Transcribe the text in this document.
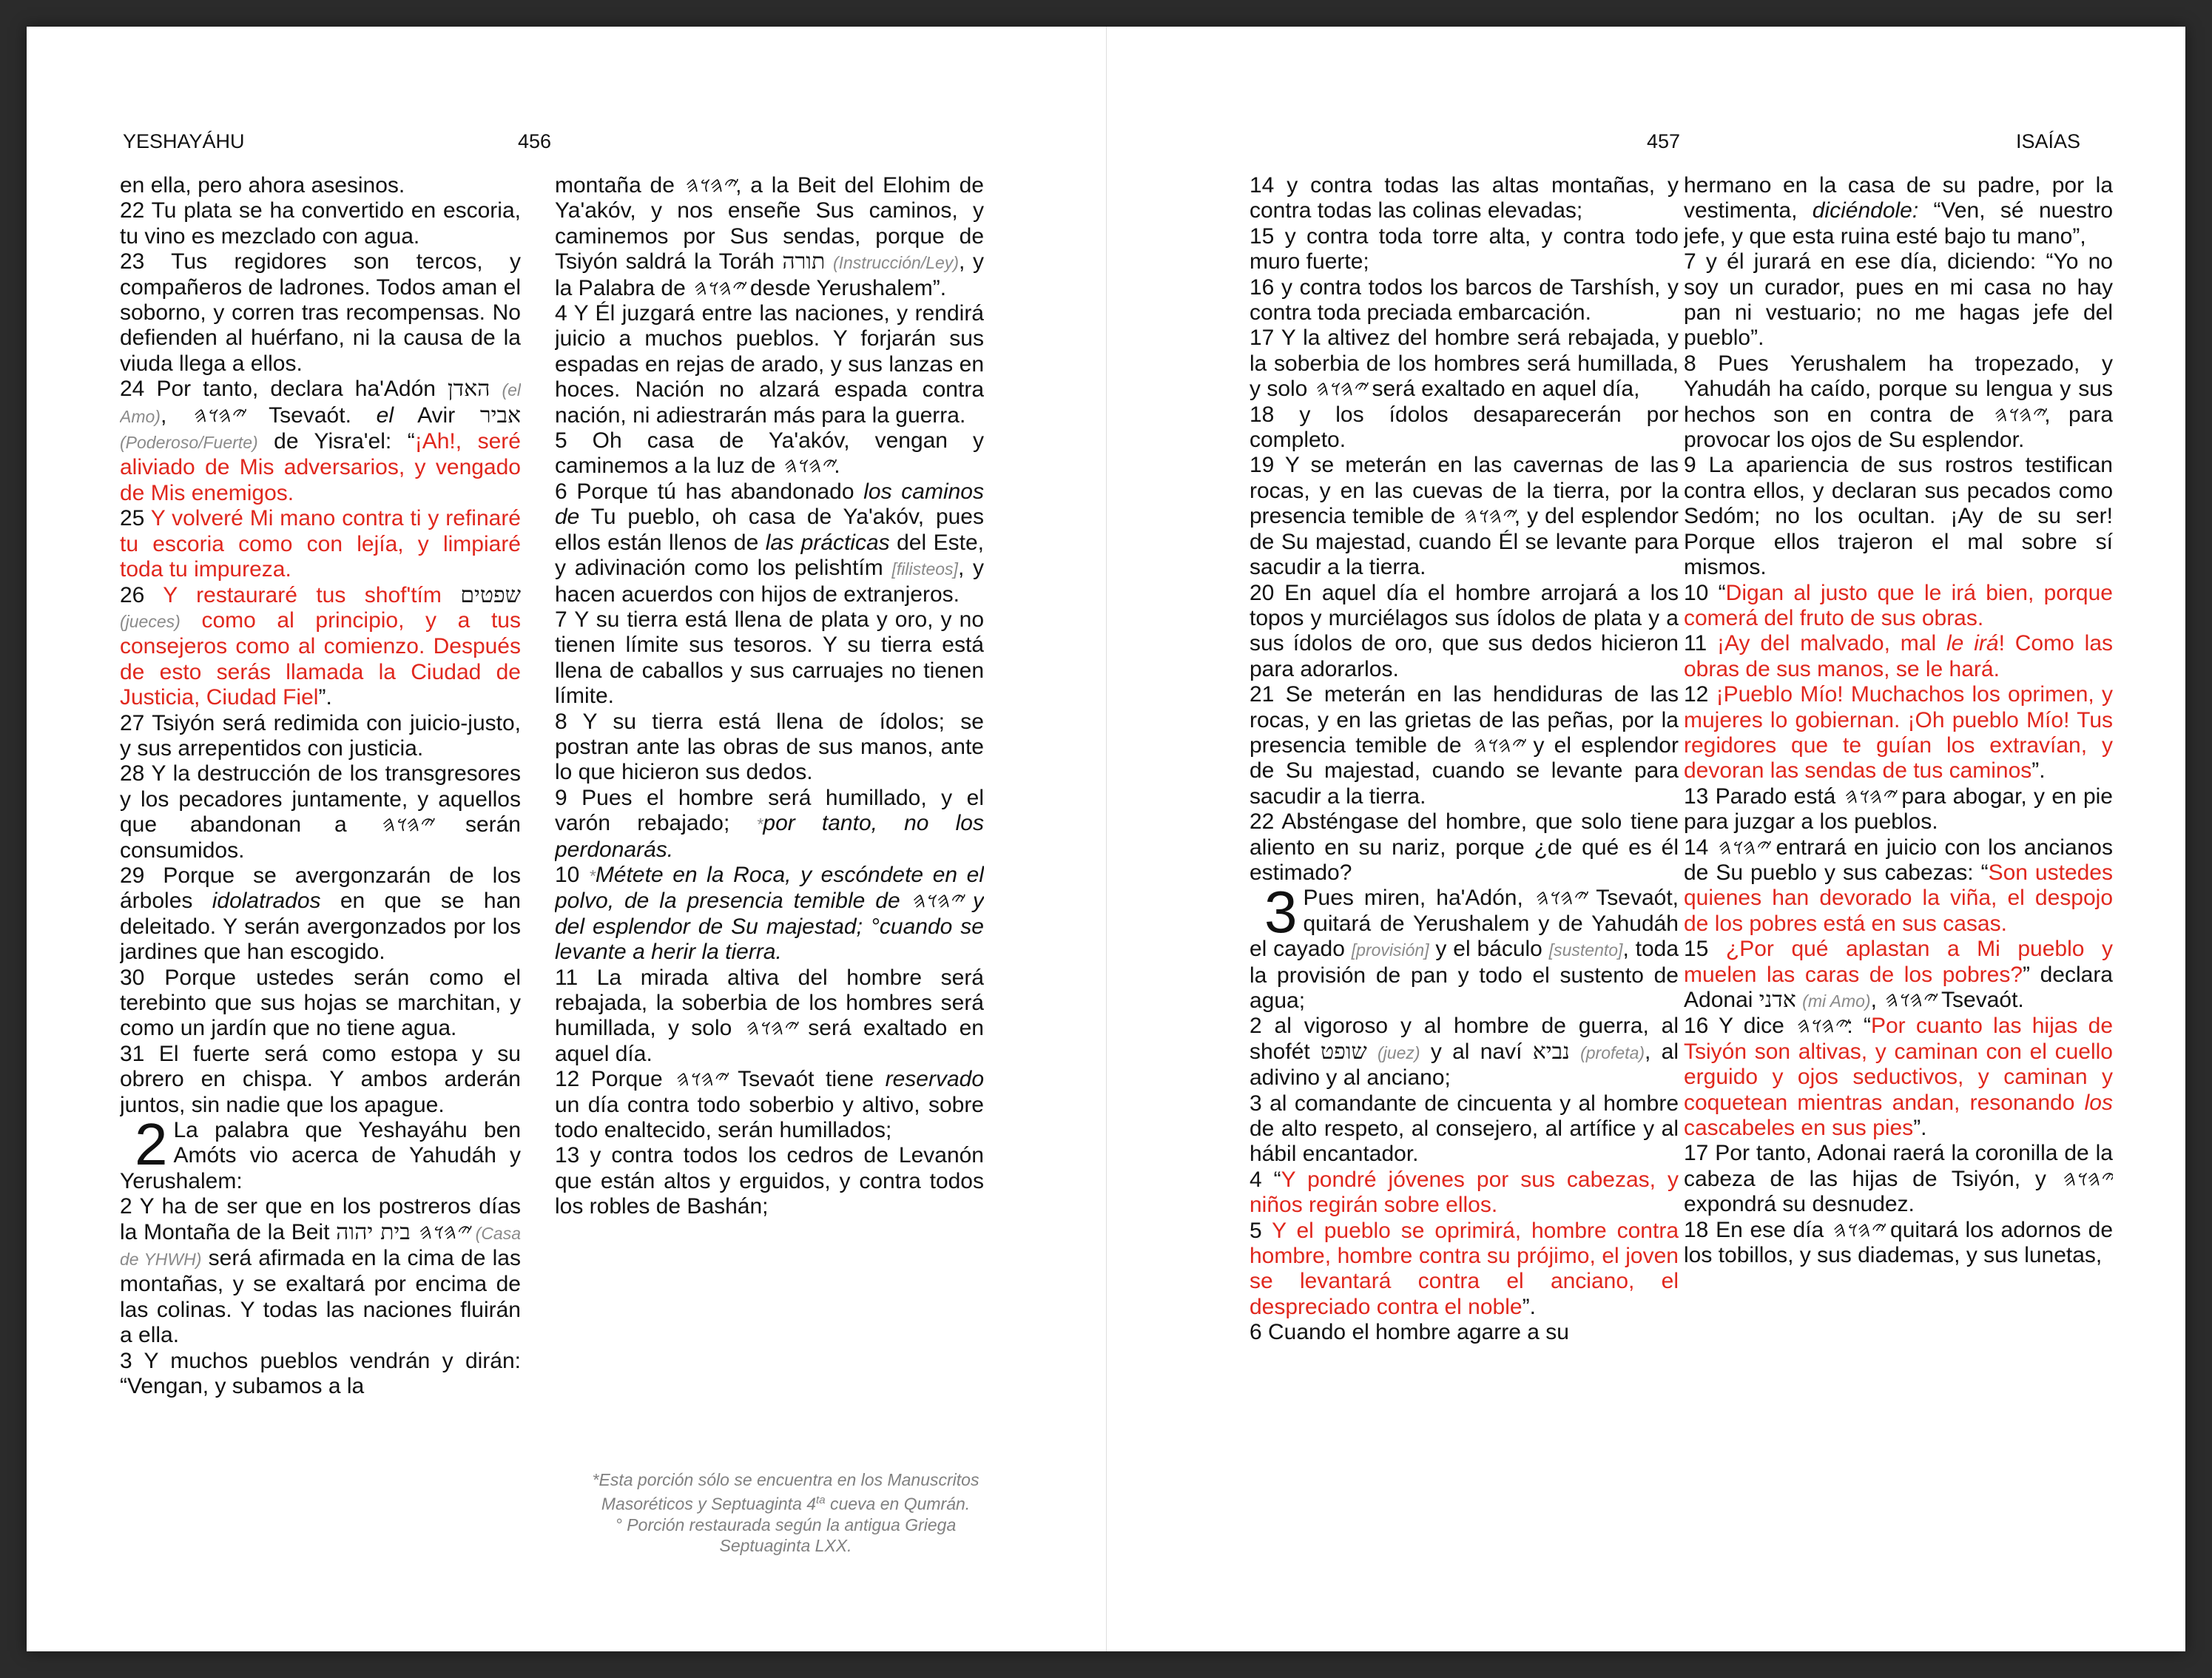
YESHAYÁHU	456	457	ISAÍAS

en ella, pero ahora asesinos.

22 Tu plata se ha convertido en escoria, tu vino es mezclado con agua.

23 Tus regidores son tercos, y compañeros de ladrones. Todos aman el soborno, y corren tras recompensas. No defienden al huérfano, ni la causa de la viuda llega a ellos.

24 Por tanto, declara ha'Adón האדן (el Amo), 𐤉𐤄𐤅𐤄 Tsevaót. el Avir אביר (Poderoso/Fuerte) de Yisra'el: “¡Ah!, seré aliviado de Mis adversarios, y vengado de Mis enemigos.

25 Y volveré Mi mano contra ti y refinaré tu escoria como con lejía, y limpiaré toda tu impureza.

26 Y restauraré tus shof'tím שפטים (jueces) como al principio, y a tus consejeros como al comienzo. Después de esto serás llamada la Ciudad de Justicia, Ciudad Fiel”.

27 Tsiyón será redimida con juicio-justo, y sus arrepentidos con justicia.

28 Y la destrucción de los transgresores y los pecadores juntamente, y aquellos que abandonan a 𐤉𐤄𐤅𐤄 serán consumidos.

29 Porque se avergonzarán de los árboles idolatrados en que se han deleitado. Y serán avergonzados por los jardines que han escogido.

30 Porque ustedes serán como el terebinto que sus hojas se marchitan, y como un jardín que no tiene agua.

31 El fuerte será como estopa y su obrero en chispa. Y ambos arderán juntos, sin nadie que los apague.

2 La palabra que Yeshayáhu ben Amóts vio acerca de Yahudáh y Yerushalem:

2 Y ha de ser que en los postreros días la Montaña de la Beit	𐤉𐤄𐤅𐤄 בית יהוה	(Casa de YHWH) será afirmada en la cima de las montañas, y se exaltará por encima de las colinas. Y todas las naciones fluirán a ella.

3 Y muchos pueblos vendrán y dirán: “Vengan, y subamos a la

montaña de 𐤉𐤄𐤅𐤄, a la Beit del Elohim de Ya'akóv, y nos enseñe Sus caminos, y caminemos por Sus sendas, porque de Tsiyón saldrá la Toráh תורה (Instrucción/Ley), y la Palabra de 𐤉𐤄𐤅𐤄 desde Yerushalem”.

4 Y Él juzgará entre las naciones, y rendirá juicio a muchos pueblos. Y forjarán sus espadas en rejas de arado, y sus lanzas en hoces. Nación no alzará espada contra nación, ni adiestrarán más para la guerra.

5 Oh casa de Ya'akóv, vengan y caminemos a la luz de 𐤉𐤄𐤅𐤄.

6 Porque tú has abandonado los caminos de Tu pueblo, oh casa de Ya'akóv, pues ellos están llenos de las prácticas del Este, y adivinación como los pelishtím [filisteos], y hacen acuerdos con hijos de extranjeros.

7 Y su tierra está llena de plata y oro, y no tienen límite sus tesoros. Y su tierra está llena de caballos y sus carruajes no tienen límite.

8 Y su tierra está llena de ídolos; se postran ante las obras de sus manos, ante lo que hicieron sus dedos.

9 Pues el hombre será humillado, y el varón rebajado; *por tanto, no los perdonarás.

10 *Métete en la Roca, y escóndete en el polvo, de la presencia temible de 𐤉𐤄𐤅𐤄 y del esplendor de Su majestad; °cuando se levante a herir la tierra.

11 La mirada altiva del hombre será rebajada, la soberbia de los hombres será humillada, y solo 𐤉𐤄𐤅𐤄 será exaltado en aquel día.

12 Porque 𐤉𐤄𐤅𐤄 Tsevaót tiene reservado un día contra todo soberbio y altivo, sobre todo enaltecido, serán humillados;

13 y contra todos los cedros de Levanón que están altos y erguidos, y contra todos los robles de Bashán;

14 y contra todas las altas montañas, y contra todas las colinas elevadas;

15 y contra toda torre alta, y contra todo muro fuerte;

16 y contra todos los barcos de Tarshísh, y contra toda preciada embarcación.

17 Y la altivez del hombre será rebajada, y la soberbia de los hombres será humillada, y solo 𐤉𐤄𐤅𐤄 será exaltado en aquel día,

18 y los ídolos desaparecerán por completo.

19 Y se meterán en las cavernas de las rocas, y en las cuevas de la tierra, por la presencia temible de 𐤉𐤄𐤅𐤄, y del esplendor de Su majestad, cuando Él se levante para sacudir a la tierra.

20 En aquel día el hombre arrojará a los topos y murciélagos sus ídolos de plata y a sus ídolos de oro, que sus dedos hicieron para adorarlos.

21 Se meterán en las hendiduras de las rocas, y en las grietas de las peñas, por la presencia temible de 𐤉𐤄𐤅𐤄 y el esplendor de Su majestad, cuando se levante para sacudir a la tierra.

22 Absténgase del hombre, que solo tiene aliento en su nariz, porque ¿de qué es él estimado?

3 Pues miren, ha'Adón, 𐤉𐤄𐤅𐤄 Tsevaót, quitará de Yerushalem y de Yahudáh el cayado [provisión] y el báculo [sustento], toda la provisión de pan y todo el sustento de agua;

2 al vigoroso y al hombre de guerra, al shofét שופט (juez) y al naví נביא (profeta), al adivino y al anciano;

3 al comandante de cincuenta y al hombre de alto respeto, al consejero, al artífice y al hábil encantador.

4 “Y pondré jóvenes por sus cabezas, y niños regirán sobre ellos.

5 Y el pueblo se oprimirá, hombre contra hombre, hombre contra su prójimo, el joven se levantará contra el anciano, el despreciado contra el noble”.

6 Cuando el hombre agarre a su

hermano en la casa de su padre, por la vestimenta, diciéndole: “Ven, sé nuestro jefe, y que esta ruina esté bajo tu mano”,

7 y él jurará en ese día, diciendo: “Yo no soy un curador, pues en mi casa no hay pan ni vestuario; no me hagas jefe del pueblo”.

8 Pues Yerushalem ha tropezado, y Yahudáh ha caído, porque su lengua y sus hechos son en contra de 𐤉𐤄𐤅𐤄, para provocar los ojos de Su esplendor.

9 La apariencia de sus rostros testifican contra ellos, y declaran sus pecados como Sedóm; no los ocultan. ¡Ay de su ser! Porque ellos trajeron el mal sobre sí mismos.

10 “Digan al justo que le irá bien, porque comerá del fruto de sus obras.

11 ¡Ay del malvado, mal le irá! Como las obras de sus manos, se le hará.

12 ¡Pueblo Mío! Muchachos los oprimen, y mujeres lo gobiernan. ¡Oh pueblo Mío! Tus regidores que te guían los extravían, y devoran las sendas de tus caminos”.

13 Parado está 𐤉𐤄𐤅𐤄 para abogar, y en pie para juzgar a los pueblos.

14 𐤉𐤄𐤅𐤄 entrará en juicio con los ancianos de Su pueblo y sus cabezas: “Son ustedes quienes han devorado la viña, el despojo de los pobres está en sus casas.

15 ¿Por qué aplastan a Mi pueblo y muelen las caras de los pobres?” declara Adonai אדני (mi Amo), 𐤉𐤄𐤅𐤄 Tsevaót.

16 Y dice 𐤉𐤄𐤅𐤄: “Por cuanto las hijas de Tsiyón son altivas, y caminan con el cuello erguido y ojos seductivos, y caminan y coquetean mientras andan, resonando los cascabeles en sus pies”.

17 Por tanto, Adonai raerá la coronilla de la cabeza de las hijas de Tsiyón, y 𐤉𐤄𐤅𐤄 expondrá su desnudez.

18 En ese día 𐤉𐤄𐤅𐤄 quitará los adornos de los tobillos, y sus diademas, y sus lunetas,

*Esta porción sólo se encuentra en los Manuscritos Masoréticos y Septuaginta $4^{ta}$ cueva en Qumrán.
° Porción restaurada según la antigua Griega Septuaginta LXX.
